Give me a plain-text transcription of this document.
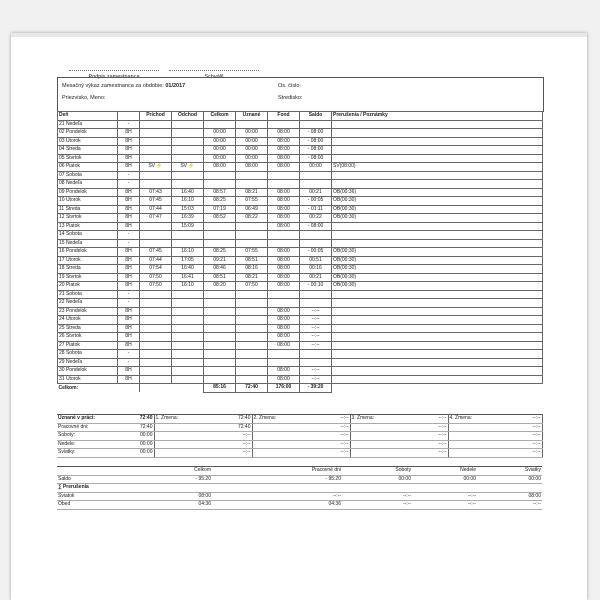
Podpis zamestnanca	Schválil
Mesačný výkaz zamestnanca za obdobie: 01/2017
Priezvisko, Meno:
Os. číslo:
Stredisko:
Deň		Príchod	Odchod	Celkom	Uznané	Fond	Saldo	Prerušenia / Poznámky
21 Nedeľa	-							
02 Pondelok	8H			00:00	00:00	08:00	- 08:00	
03 Utorok	8H			00:00	00:00	08:00	- 08:00	
04 Streda	8H			00:00	00:00	08:00	- 08:00	
05 Štvrtok	8H			00:00	00:00	08:00	- 08:00	
06 Piatok	8H	SV ⚡	SV ⚡	08:00	08:00	08:00	00:00	SV(08:00)
07 Sobota	-							
08 Nedeľa	-							
09 Pondelok	8H	07:43	16:40	08:57	08:21	08:00	00:21	OB(00:36)
10 Utorok	8H	07:45	16:10	08:25	07:55	08:00	- 00:05	OB(00:30)
11 Streda	8H	07:44	15:03	07:19	06:49	08:00	- 01:11	OB(00:30)
12 Štvrtok	8H	07:47	16:39	08:52	08:22	08:00	00:22	OB(00:30)
13 Piatok	8H		15:09			08:00	- 08:00	
14 Sobota	-							
15 Nedeľa	-							
16 Pondelok	8H	07:45	16:10	08:25	07:55	08:00	- 00:05	OB(00:30)
17 Utorok	8H	07:44	17:05	09:21	08:51	08:00	00:51	OB(00:30)
18 Streda	8H	07:54	16:40	08:46	08:16	08:00	00:16	OB(00:30)
19 Štvrtok	8H	07:50	16:41	08:51	08:21	08:00	00:21	OB(00:30)
20 Piatok	8H	07:50	16:10	08:20	07:50	08:00	- 00:10	OB(00:30)
21 Sobota	-							
22 Nedeľa	-							
23 Pondelok	8H					08:00	--:--	
24 Utorok	8H					08:00	--:--	
25 Streda	8H					08:00	--:--	
26 Štvrtok	8H					08:00	--:--	
27 Piatok	8H					08:00	--:--	
28 Sobota	-							
29 Nedeľa	-							
30 Pondelok	8H					08:00	--:--	
31 Utorok	8H					08:00	--:--	
Celkom:				85:16	72:40	176:00	- 39:20	
Uznané v práci:	72:40	1. Zmena:	72:40	2. Zmena:	--:--	3. Zmena:	--:--	4. Zmena:	--:--
Pracovné dni:	72:40		72:40		--:--		--:--		--:--
Soboty:	00:00		--:--		--:--		--:--		--:--
Nedele:	00:00		--:--		--:--		--:--		--:--
Sviatky:	00:00		--:--		--:--		--:--		--:--
	Celkom	Pracovné dni	Soboty	Nedele	Sviatky
Saldo	- 95:20	- 95:20	00:00	00:00	00:00
∑ Prerušenia					
Sviatok	08:00	--:--	--:--	--:--	08:00
Obed	04:36	04:36	--:--	--:--	--:--
